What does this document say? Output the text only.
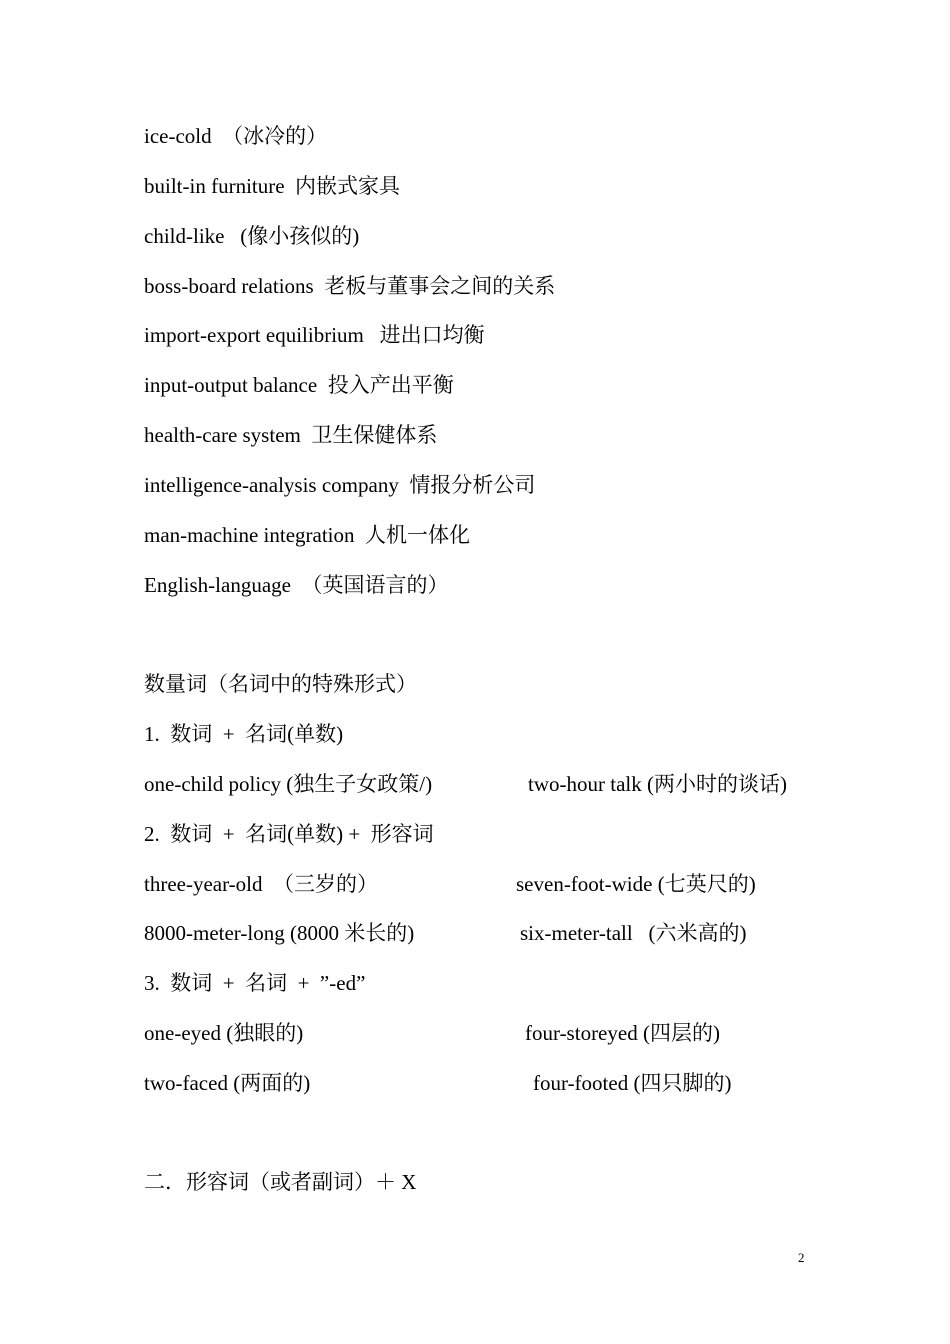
ice-cold  （冰冷的）
built-in furniture  内嵌式家具
child-like   (像小孩似的)
boss-board relations  老板与董事会之间的关系
import-export equilibrium   进出口均衡
input-output balance  投入产出平衡
health-care system  卫生保健体系
intelligence-analysis company  情报分析公司
man-machine integration  人机一体化
English-language  （英国语言的）
数量词（名词中的特殊形式）
1.  数词  +  名词(单数)
one-child policy (独生子女政策/)	two-hour talk (两小时的谈话)
2.  数词  +  名词(单数) +  形容词
three-year-old  （三岁的）	seven-foot-wide (七英尺的)
8000-meter-long (8000 米长的)	six-meter-tall   (六米高的)
3.  数词  +  名词  +  ”-ed”
one-eyed (独眼的)	four-storeyed (四层的)
two-faced (两面的)	four-footed (四只脚的)
二．形容词（或者副词）＋ X
2
